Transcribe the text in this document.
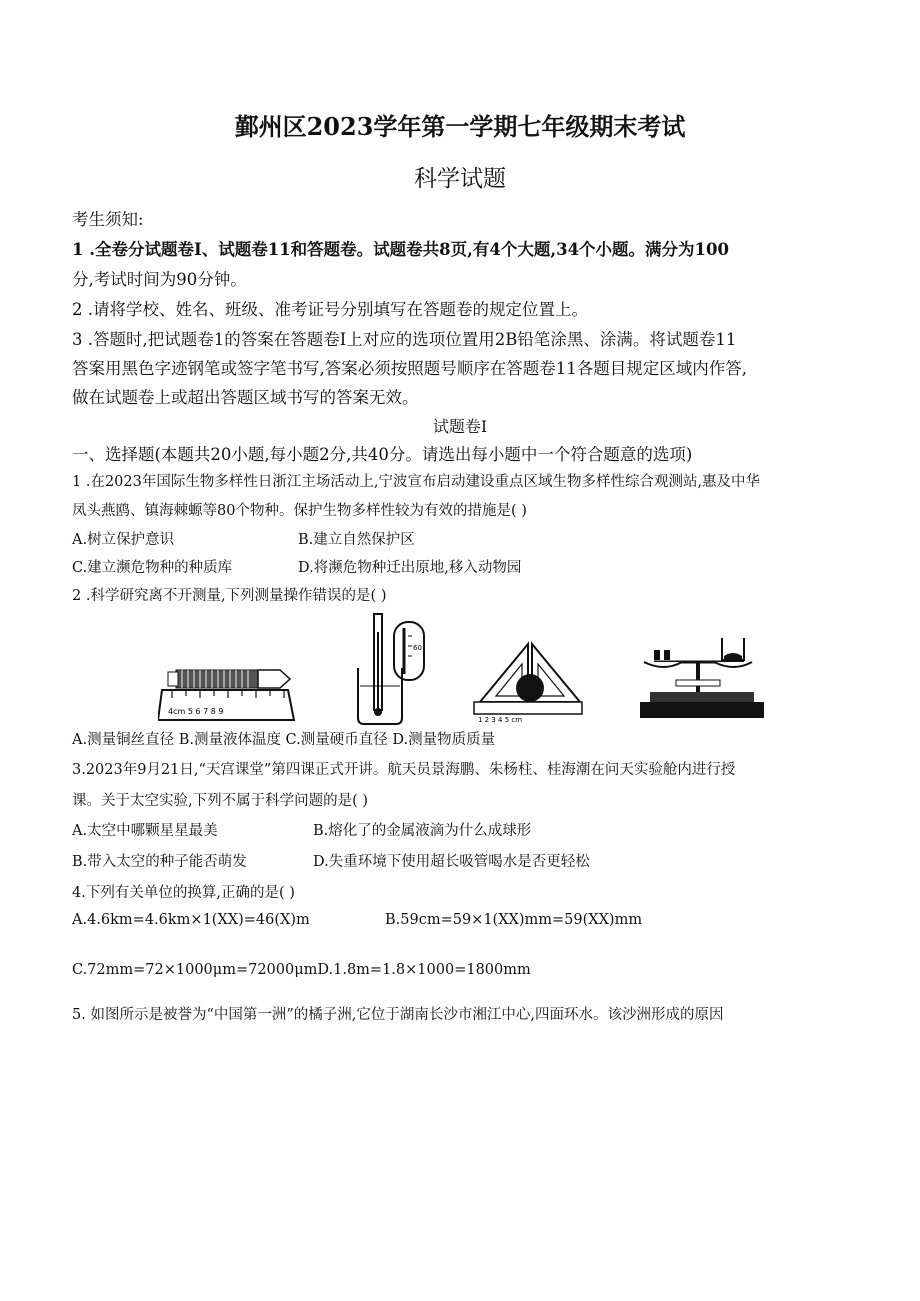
鄞州区2023学年第一学期七年级期末考试
科学试题
考生须知:
1 .全卷分试题卷I、试题卷11和答题卷。试题卷共8页,有4个大题,34个小题。满分为100
分,考试时间为90分钟。
2 .请将学校、姓名、班级、准考证号分别填写在答题卷的规定位置上。
3 .答题时,把试题卷1的答案在答题卷I上对应的选项位置用2B铅笔涂黑、涂满。将试题卷11
答案用黑色字迹钢笔或签字笔书写,答案必须按照题号顺序在答题卷11各题目规定区域内作答,
做在试题卷上或超出答题区域书写的答案无效。
试题卷I
一、选择题(本题共20小题,每小题2分,共40分。请选出每小题中一个符合题意的选项)
1 .在2023年国际生物多样性日浙江主场活动上,宁波宣布启动建设重点区域生物多样性综合观测站,惠及中华
凤头燕鸥、镇海棘螈等80个物种。保护生物多样性较为有效的措施是( )
A.树立保护意识	B.建立自然保护区
C.建立濒危物种的种质库	D.将濒危物种迁出原地,移入动物园
2 .科学研究离不开测量,下列测量操作错误的是( )
4cm 5 6 7 8 9
60
1 2 3 4 5 cm
A.测量铜丝直径 B.测量液体温度 C.测量硬币直径 D.测量物质质量
3.2023年9月21日,“天宫课堂”第四课正式开讲。航天员景海鹏、朱杨柱、桂海潮在问天实验舱内进行授
课。关于太空实验,下列不属于科学问题的是( )
A.太空中哪颗星星最美	B.熔化了的金属液滴为什么成球形
B.带入太空的种子能否萌发	D.失重环境下使用超长吸管喝水是否更轻松
4.下列有关单位的换算,正确的是( )
A.4.6km=4.6km×1(XX)=46(X)m	B.59cm=59×1(XX)mm=59(XX)mm
C.72mm=72×1000μm=72000μmD.1.8m=1.8×1000=1800mm
5. 如图所示是被誉为“中国第一洲”的橘子洲,它位于湖南长沙市湘江中心,四面环水。该沙洲形成的原因
